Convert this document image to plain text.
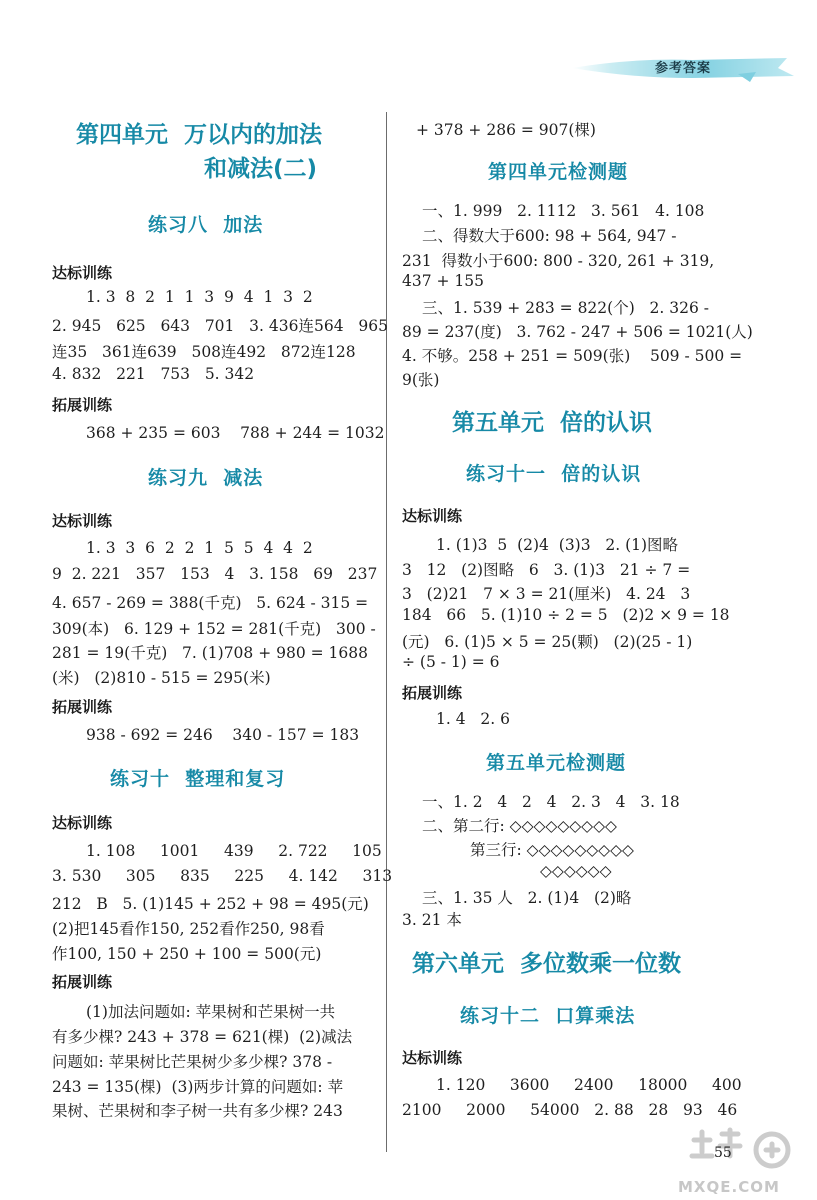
参考答案
第四单元  万以内的加法
和减法(二)
练习八  加法
达标训练
1. 3  8  2  1  1  3  9  4  1  3  2
2. 945   625   643   701   3. 436连564   965
连35   361连639   508连492   872连128
4. 832   221   753   5. 342
拓展训练
368 + 235 = 603    788 + 244 = 1032
练习九  减法
达标训练
1. 3  3  6  2  2  1  5  5  4  4  2
9  2. 221   357   153   4   3. 158   69   237
4. 657 - 269 = 388(千克)   5. 624 - 315 =
309(本)   6. 129 + 152 = 281(千克)   300 -
281 = 19(千克)   7. (1)708 + 980 = 1688
(米)   (2)810 - 515 = 295(米)
拓展训练
938 - 692 = 246    340 - 157 = 183
练习十  整理和复习
达标训练
1. 108     1001     439     2. 722     105
3. 530     305     835     225     4. 142     313
212   B   5. (1)145 + 252 + 98 = 495(元)
(2)把145看作150, 252看作250, 98看
作100, 150 + 250 + 100 = 500(元)
拓展训练
(1)加法问题如: 苹果树和芒果树一共
有多少棵? 243 + 378 = 621(棵)  (2)减法
问题如: 苹果树比芒果树少多少棵? 378 -
243 = 135(棵)  (3)两步计算的问题如: 苹
果树、芒果树和李子树一共有多少棵? 243
+ 378 + 286 = 907(棵)
第四单元检测题
一、1. 999   2. 1112   3. 561   4. 108
二、得数大于600: 98 + 564, 947 -
231  得数小于600: 800 - 320, 261 + 319,
437 + 155
三、1. 539 + 283 = 822(个)   2. 326 -
89 = 237(度)   3. 762 - 247 + 506 = 1021(人)
4. 不够。258 + 251 = 509(张)    509 - 500 =
9(张)
第五单元  倍的认识
练习十一  倍的认识
达标训练
1. (1)3  5  (2)4  (3)3   2. (1)图略
3   12   (2)图略   6   3. (1)3   21 ÷ 7 =
3   (2)21   7 × 3 = 21(厘米)   4. 24   3
184   66   5. (1)10 ÷ 2 = 5   (2)2 × 9 = 18
(元)   6. (1)5 × 5 = 25(颗)   (2)(25 - 1)
÷ (5 - 1) = 6
拓展训练
1. 4   2. 6
第五单元检测题
一、1. 2   4   2   4   2. 3   4   3. 18
二、第二行: ◇◇◇◇◇◇◇◇◇
第三行: ◇◇◇◇◇◇◇◇◇
◇◇◇◇◇◇
三、1. 35 人   2. (1)4   (2)略
3. 21 本
第六单元  多位数乘一位数
练习十二  口算乘法
达标训练
1. 120     3600     2400     18000     400
2100     2000     54000   2. 88   28   93   46
MXQE.COM
55
